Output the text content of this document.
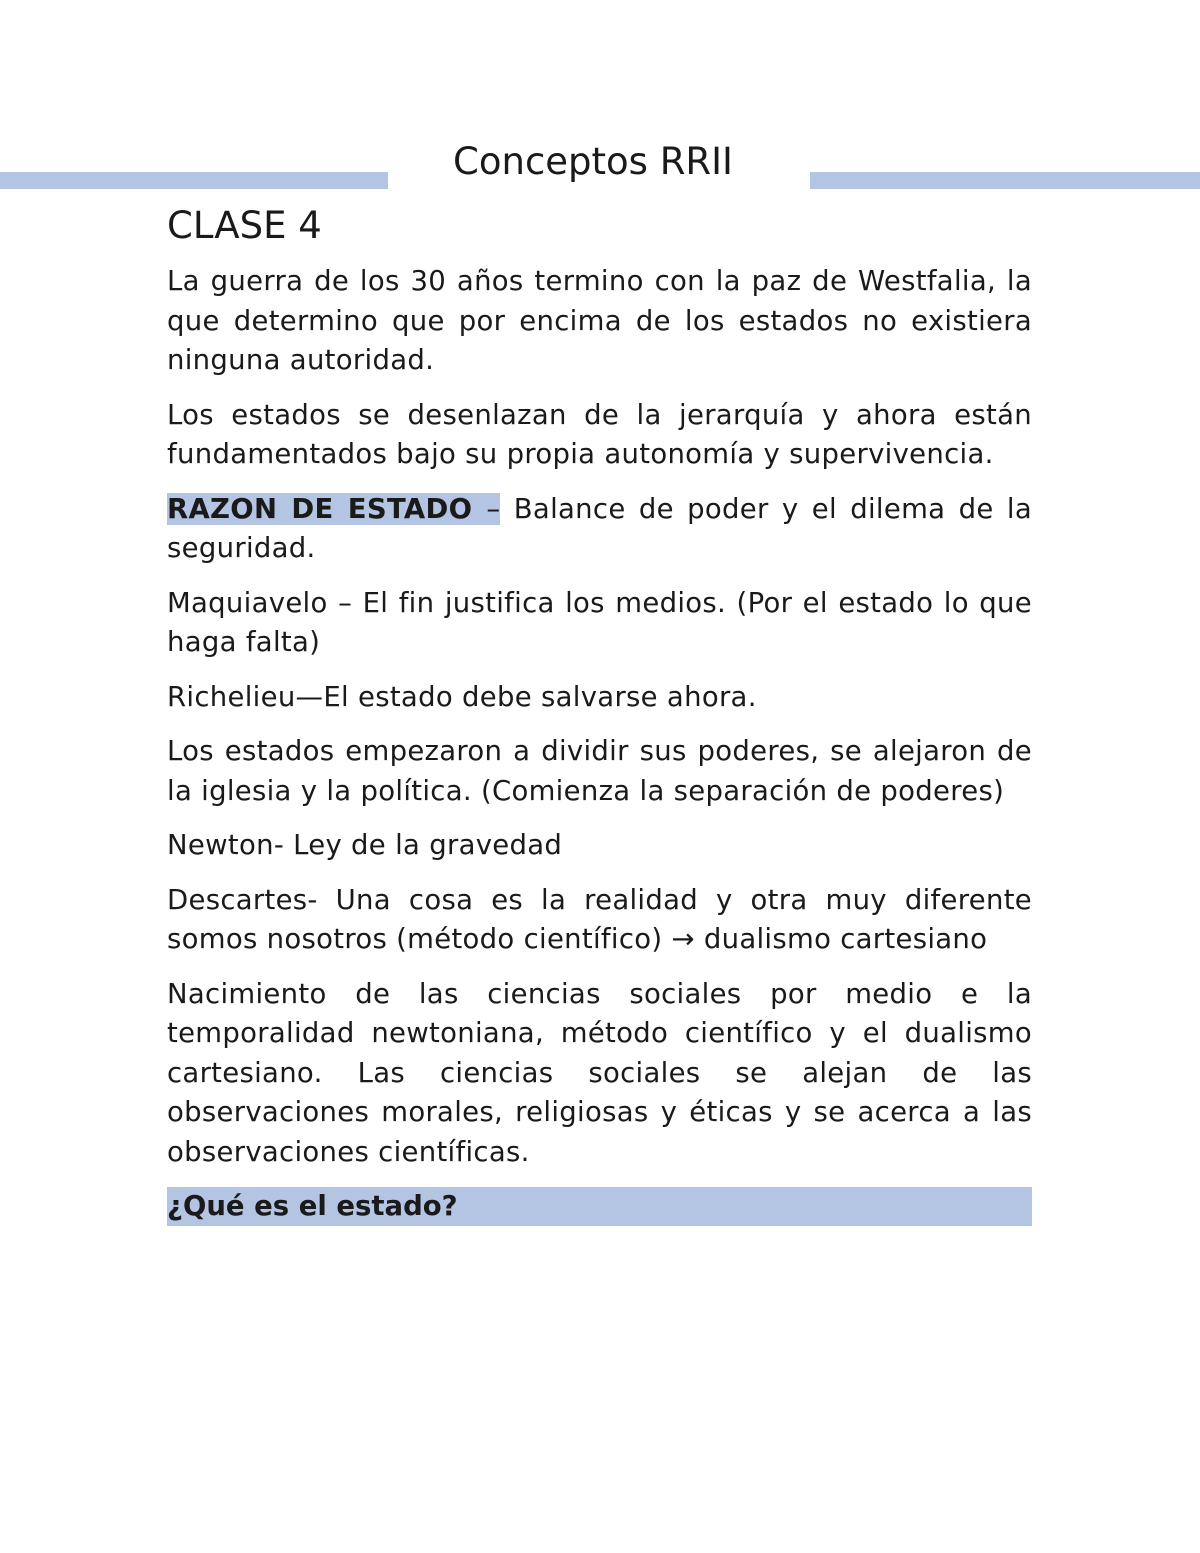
Conceptos RRII
CLASE 4

La guerra de los 30 años termino con la paz de Westfalia, la que determino que por encima de los estados no existiera ninguna autoridad.

Los estados se desenlazan de la jerarquía y ahora están fundamentados bajo su propia autonomía y supervivencia.

RAZON DE ESTADO – Balance de poder y el dilema de la seguridad.

Maquiavelo – El fin justifica los medios. (Por el estado lo que haga falta)

Richelieu—El estado debe salvarse ahora.

Los estados empezaron a dividir sus poderes, se alejaron de la iglesia y la política. (Comienza la separación de poderes)

Newton- Ley de la gravedad

Descartes- Una cosa es la realidad y otra muy diferente somos nosotros (método científico) → dualismo cartesiano

Nacimiento de las ciencias sociales por medio e la temporalidad newtoniana, método científico y el dualismo cartesiano. Las ciencias sociales se alejan de las observaciones morales, religiosas y éticas y se acerca a las observaciones científicas.

¿Qué es el estado?
